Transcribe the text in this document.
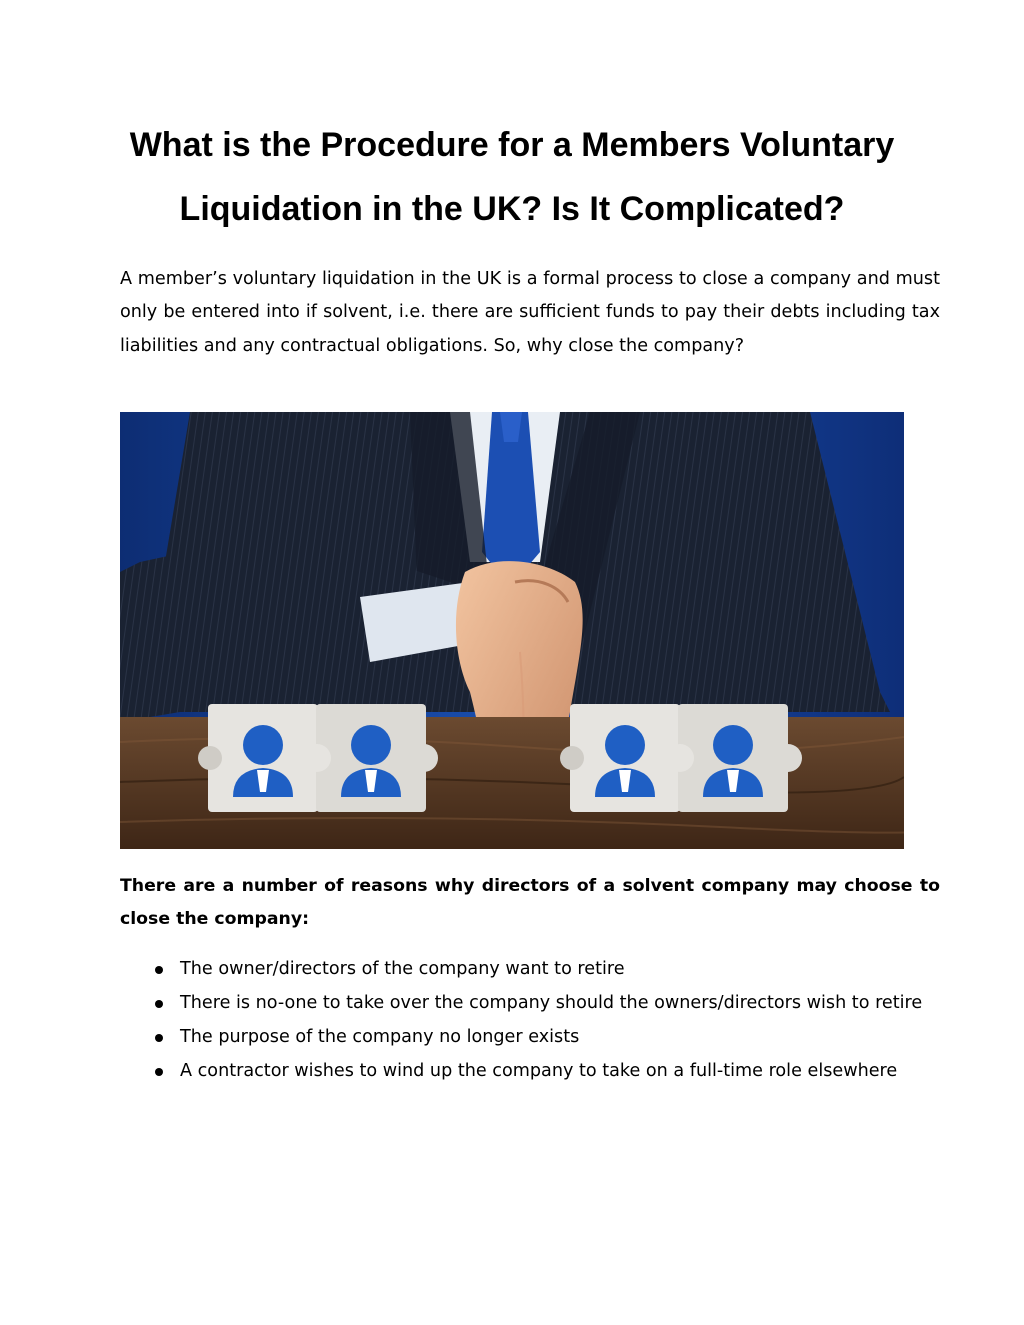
What is the Procedure for a Members Voluntary Liquidation in the UK? Is It Complicated?

A member’s voluntary liquidation in the UK is a formal process to close a company and must only be entered into if solvent, i.e. there are sufficient funds to pay their debts including tax liabilities and any contractual obligations. So, why close the company?

There are a number of reasons why directors of a solvent company may choose to close the company:

The owner/directors of the company want to retire
There is no-one to take over the company should the owners/directors wish to retire
The purpose of the company no longer exists
A contractor wishes to wind up the company to take on a full-time role elsewhere
